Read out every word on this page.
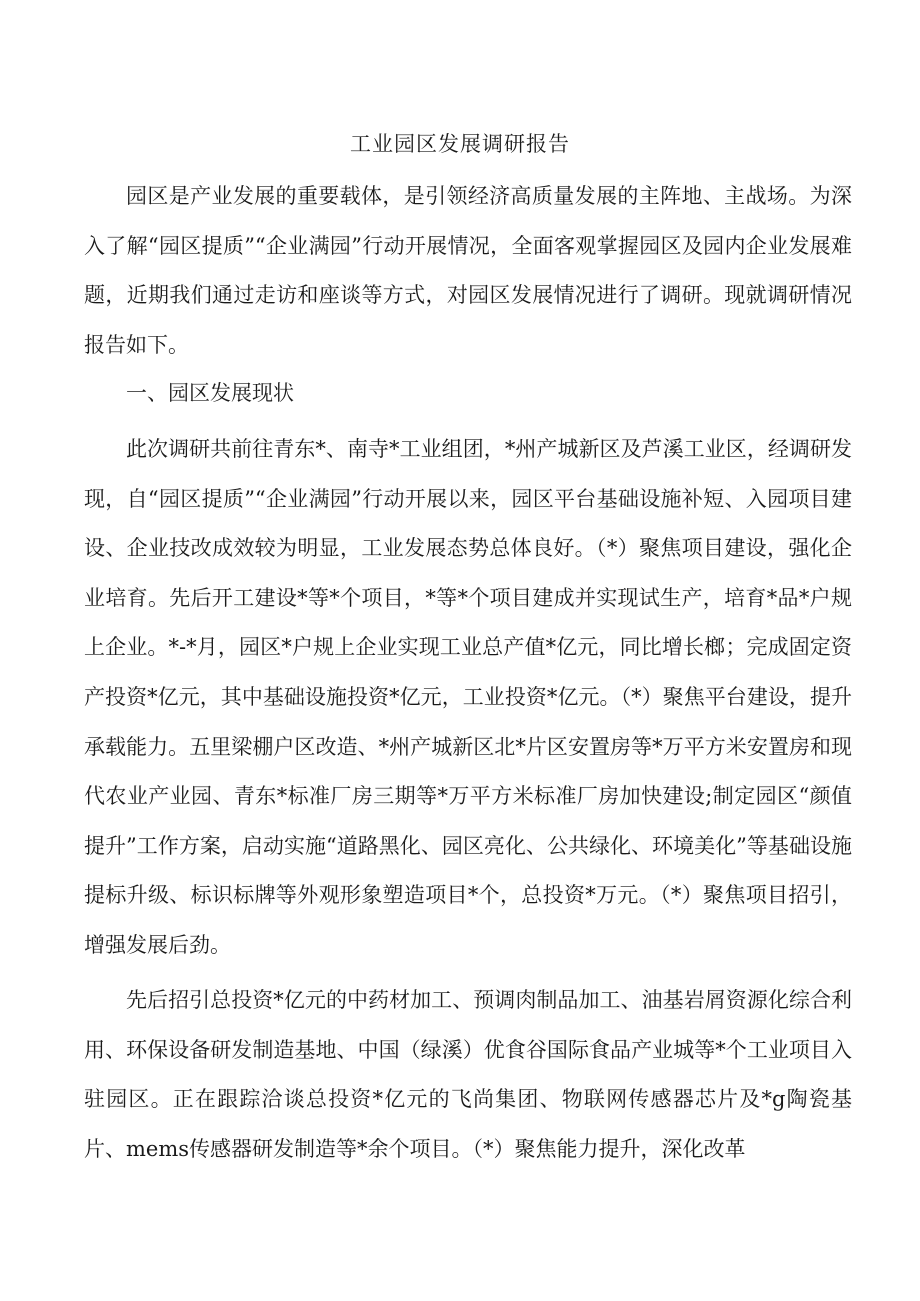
工业园区发展调研报告

园区是产业发展的重要载体，是引领经济高质量发展的主阵地、主战场。为深入了解“园区提质”“企业满园”行动开展情况，全面客观掌握园区及园内企业发展难题，近期我们通过走访和座谈等方式，对园区发展情况进行了调研。现就调研情况报告如下。

一、园区发展现状

此次调研共前往青东*、南寺*工业组团，*州产城新区及芦溪工业区，经调研发现，自“园区提质”“企业满园”行动开展以来，园区平台基础设施补短、入园项目建设、企业技改成效较为明显，工业发展态势总体良好。（*）聚焦项目建设，强化企业培育。先后开工建设*等*个项目，*等*个项目建成并实现试生产，培育*品*户规上企业。*-*月，园区*户规上企业实现工业总产值*亿元，同比增长榔；完成固定资产投资*亿元，其中基础设施投资*亿元，工业投资*亿元。（*）聚焦平台建设，提升承载能力。五里梁棚户区改造、*州产城新区北*片区安置房等*万平方米安置房和现代农业产业园、青东*标准厂房三期等*万平方米标准厂房加快建设;制定园区“颜值提升”工作方案，启动实施“道路黑化、园区亮化、公共绿化、环境美化”等基础设施提标升级、标识标牌等外观形象塑造项目*个，总投资*万元。（*）聚焦项目招引，增强发展后劲。

先后招引总投资*亿元的中药材加工、预调肉制品加工、油基岩屑资源化综合利用、环保设备研发制造基地、中国（绿溪）优食谷国际食品产业城等*个工业项目入驻园区。正在跟踪洽谈总投资*亿元的飞尚集团、物联网传感器芯片及*g陶瓷基片、mems传感器研发制造等*余个项目。（*）聚焦能力提升，深化改革
